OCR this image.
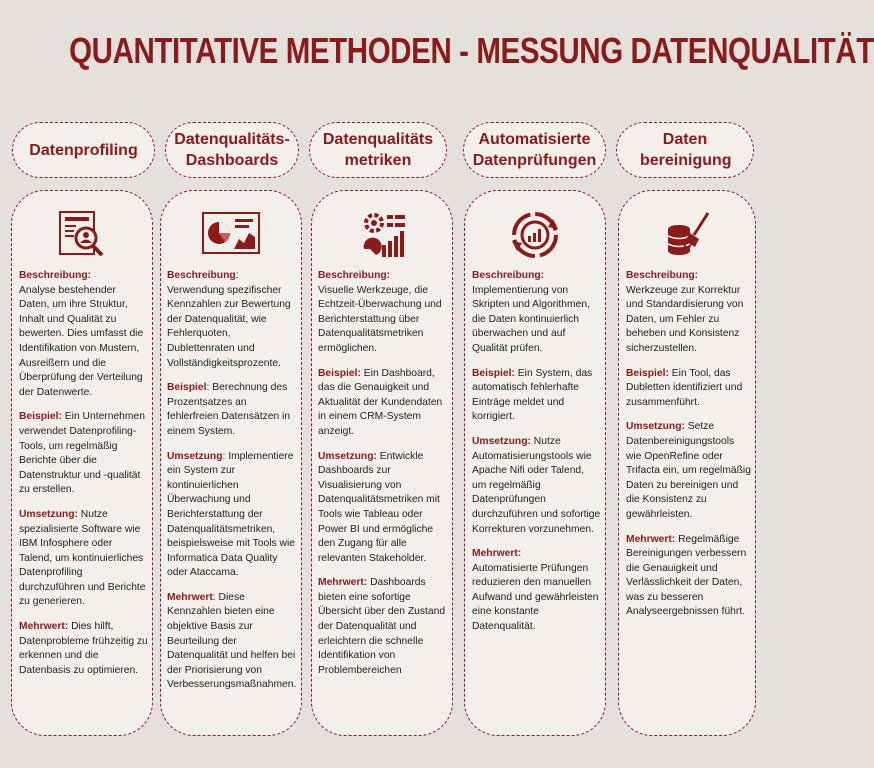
QUANTITATIVE METHODEN - MESSUNG DATENQUALITÄT
Datenprofiling

Beschreibung:
Analyse bestehender Daten, um ihre Struktur, Inhalt und Qualität zu bewerten. Dies umfasst die Identifikation von Mustern, Ausreißern und die Überprüfung der Verteilung der Datenwerte.

Beispiel: Ein Unternehmen verwendet Datenprofiling-Tools, um regelmäßig Berichte über die Datenstruktur und -qualität zu erstellen.

Umsetzung: Nutze spezialisierte Software wie IBM Infosphere oder Talend, um kontinuierliches Datenprofiling durchzuführen und Berichte zu generieren.

Mehrwert: Dies hilft, Datenprobleme frühzeitig zu erkennen und die Datenbasis zu optimieren.

Datenqualitäts-Dashboards

Beschreibung: Verwendung spezifischer Kennzahlen zur Bewertung der Datenqualität, wie Fehlerquoten, Dublettenraten und Vollständigkeitsprozente.

Beispiel: Berechnung des Prozentsatzes an fehlerfreien Datensätzen in einem System.

Umsetzung: Implementiere ein System zur kontinuierlichen Überwachung und Berichterstattung der Datenqualitätsmetriken, beispielsweise mit Tools wie Informatica Data Quality oder Ataccama.

Mehrwert: Diese Kennzahlen bieten eine objektive Basis zur Beurteilung der Datenqualität und helfen bei der Priorisierung von Verbesserungsmaßnahmen.

Datenqualitäts metriken

Beschreibung:
Visuelle Werkzeuge, die Echtzeit-Überwachung und Berichterstattung über Datenqualitätsmetriken ermöglichen.

Beispiel: Ein Dashboard, das die Genauigkeit und Aktualität der Kundendaten in einem CRM-System anzeigt.

Umsetzung: Entwickle Dashboards zur Visualisierung von Datenqualitätsmetriken mit Tools wie Tableau oder Power BI und ermögliche den Zugang für alle relevanten Stakeholder.

Mehrwert: Dashboards bieten eine sofortige Übersicht über den Zustand der Datenqualität und erleichtern die schnelle Identifikation von Problembereichen

Automatisierte Datenprüfungen

Beschreibung:
Implementierung von Skripten und Algorithmen, die Daten kontinuierlich überwachen und auf Qualität prüfen.

Beispiel: Ein System, das automatisch fehlerhafte Einträge meldet und korrigiert.

Umsetzung: Nutze Automatisierungstools wie Apache Nifi oder Talend, um regelmäßig Datenprüfungen durchzuführen und sofortige Korrekturen vorzunehmen.

Mehrwert:
Automatisierte Prüfungen reduzieren den manuellen Aufwand und gewährleisten eine konstante Datenqualität.

Daten bereinigung

Beschreibung:
Werkzeuge zur Korrektur und Standardisierung von Daten, um Fehler zu beheben und Konsistenz sicherzustellen.

Beispiel: Ein Tool, das Dubletten identifiziert und zusammenführt.

Umsetzung: Setze Datenbereinigungstools wie OpenRefine oder Trifacta ein, um regelmäßig Daten zu bereinigen und die Konsistenz zu gewährleisten.

Mehrwert: Regelmäßige Bereinigungen verbessern die Genauigkeit und Verlässlichkeit der Daten, was zu besseren Analyseergebnissen führt.
